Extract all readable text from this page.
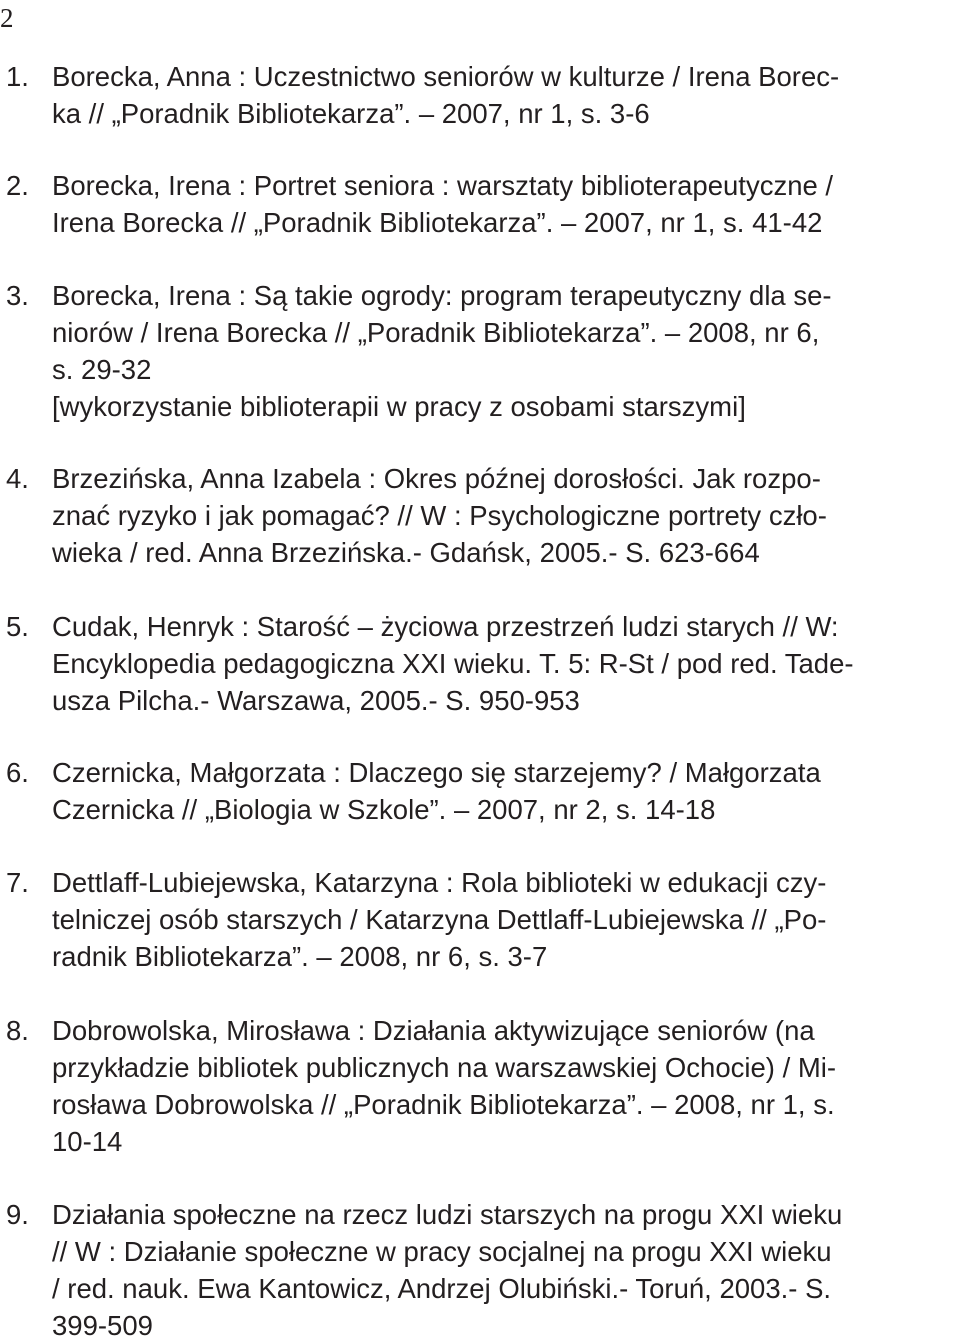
2
1. Borecka, Anna : Uczestnictwo seniorów w kulturze / Irena Borec-
ka // „Poradnik Bibliotekarza”. – 2007, nr 1, s. 3-6
2. Borecka, Irena : Portret seniora : warsztaty biblioterapeutyczne /
Irena Borecka // „Poradnik Bibliotekarza”. – 2007, nr 1, s. 41-42
3. Borecka, Irena : Są takie ogrody: program terapeutyczny dla se-
niorów / Irena Borecka // „Poradnik Bibliotekarza”. – 2008, nr 6,
s. 29-32
[wykorzystanie biblioterapii w pracy z osobami starszymi]
4. Brzezińska, Anna Izabela : Okres późnej dorosłości. Jak rozpo-
znać ryzyko i jak pomagać? // W : Psychologiczne portrety czło-
wieka / red. Anna Brzezińska.- Gdańsk, 2005.- S. 623-664
5. Cudak, Henryk : Starość – życiowa przestrzeń ludzi starych // W:
Encyklopedia pedagogiczna XXI wieku. T. 5: R-St / pod red. Tade-
usza Pilcha.- Warszawa, 2005.- S. 950-953
6. Czernicka, Małgorzata : Dlaczego się starzejemy? / Małgorzata
Czernicka // „Biologia w Szkole”. – 2007, nr 2, s. 14-18
7. Dettlaff-Lubiejewska, Katarzyna : Rola biblioteki w edukacji czy-
telniczej osób starszych / Katarzyna Dettlaff-Lubiejewska // „Po-
radnik Bibliotekarza”. – 2008, nr 6, s. 3-7
8. Dobrowolska, Mirosława : Działania aktywizujące seniorów (na
przykładzie bibliotek publicznych na warszawskiej Ochocie) / Mi-
rosława Dobrowolska // „Poradnik Bibliotekarza”. – 2008, nr 1, s.
10-14
9. Działania społeczne na rzecz ludzi starszych na progu XXI wieku
// W : Działanie społeczne w pracy socjalnej na progu XXI wieku
/ red. nauk. Ewa Kantowicz, Andrzej Olubiński.- Toruń, 2003.- S.
399-509
